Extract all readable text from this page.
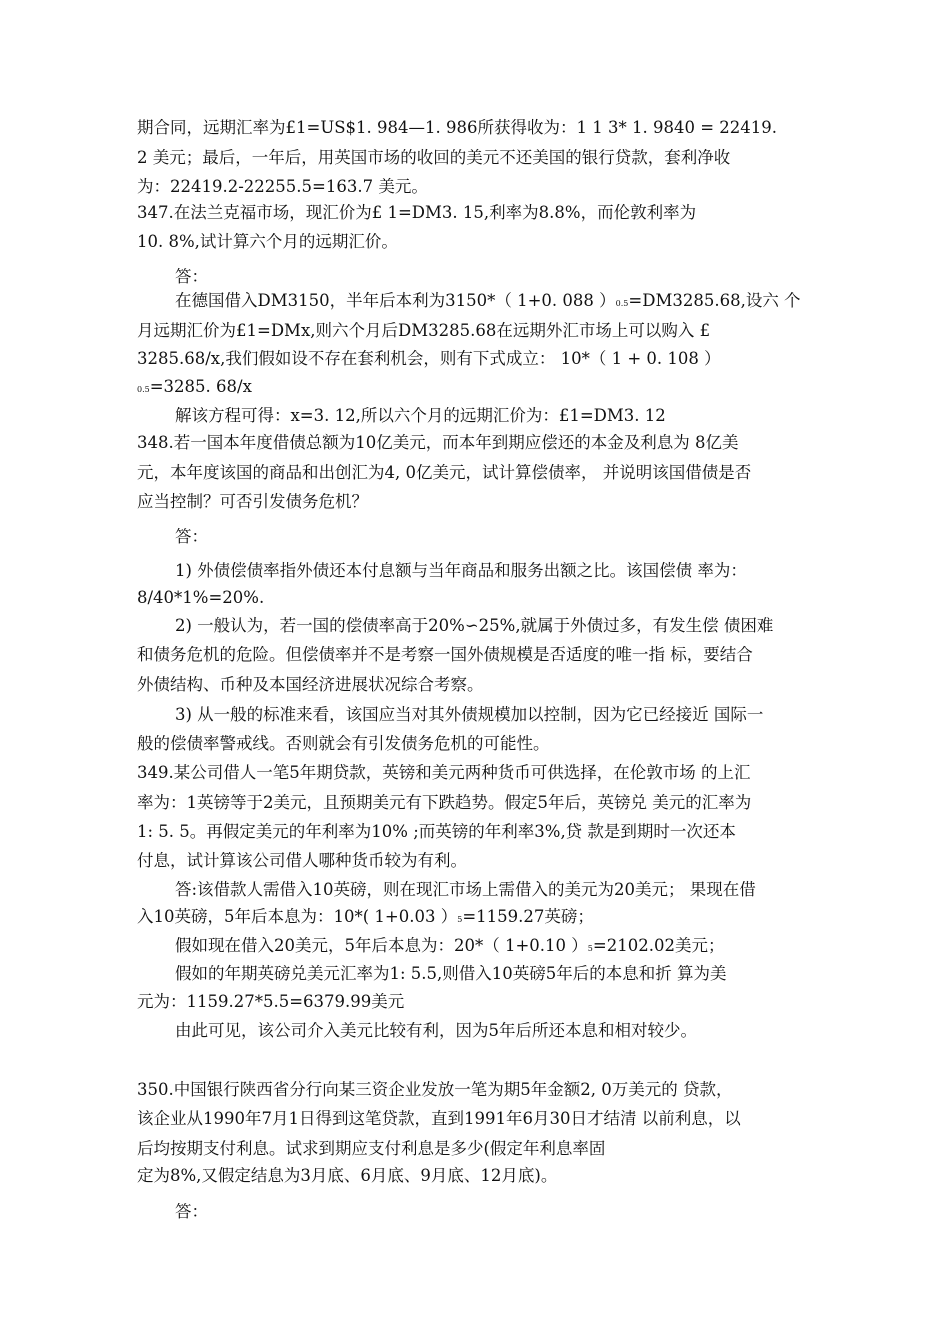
期合同，远期汇率为£1=US$1. 984—1. 986所获得收为：1 1 3* 1. 9840 = 22419.

2 美元；最后，一年后，用英国市场的收回的美元不还美国的银行贷款，套利净收

为：22419.2-22255.5=163.7 美元。

347.在法兰克福市场，现汇价为£ 1=DM3. 15,利率为8.8%，而伦敦利率为

10. 8%,试计算六个月的远期汇价。

答：

在德国借入DM3150，半年后本利为3150*（ 1+0. 088 ）0.5=DM3285.68,设六 个

月远期汇价为£1=DMx,则六个月后DM3285.68在远期外汇市场上可以购入 £

3285.68/x,我们假如设不存在套利机会，则有下式成立： 10*（ 1 + 0. 108 ）

0.5=3285. 68/x

解该方程可得：x=3. 12,所以六个月的远期汇价为：£1=DM3. 12

348.若一国本年度借债总额为10亿美元，而本年到期应偿还的本金及利息为 8亿美

元，本年度该国的商品和出创汇为4, 0亿美元，试计算偿债率， 并说明该国借债是否

应当控制？可否引发债务危机？

答：

1) 外债偿债率指外债还本付息额与当年商品和服务出额之比。该国偿债 率为：

8/40*1%=20%.

2) 一般认为，若一国的偿债率高于20%∽25%,就属于外债过多，有发生偿 债困难

和债务危机的危险。但偿债率并不是考察一国外债规模是否适度的唯一指 标，要结合

外债结构、币种及本国经济进展状况综合考察。

3) 从一般的标准来看，该国应当对其外债规模加以控制，因为它已经接近 国际一

般的偿债率警戒线。否则就会有引发债务危机的可能性。

349.某公司借人一笔5年期贷款，英镑和美元两种货币可供选择，在伦敦市场 的上汇

率为：1英镑等于2美元，且预期美元有下跌趋势。假定5年后，英镑兑 美元的汇率为

1: 5. 5。再假定美元的年利率为10% ;而英镑的年利率3%,贷 款是到期时一次还本

付息，试计算该公司借人哪种货币较为有利。

答:该借款人需借入10英磅，则在现汇市场上需借入的美元为20美元； 果现在借

入10英磅，5年后本息为：10*( 1+0.03 ）5=1159.27英磅；

假如现在借入20美元，5年后本息为：20*（ 1+0.10 ）5=2102.02美元；

假如的年期英磅兑美元汇率为1: 5.5,则借入10英磅5年后的本息和折 算为美

元为：1159.27*5.5=6379.99美元

由此可见，该公司介入美元比较有利，因为5年后所还本息和相对较少。

350.中国银行陕西省分行向某三资企业发放一笔为期5年金额2, 0万美元的 贷款，

该企业从1990年7月1日得到这笔贷款，直到1991年6月30日才结清 以前利息，以

后均按期支付利息。试求到期应支付利息是多少(假定年利息率固

定为8%,又假定结息为3月底、6月底、9月底、12月底)。

答：
